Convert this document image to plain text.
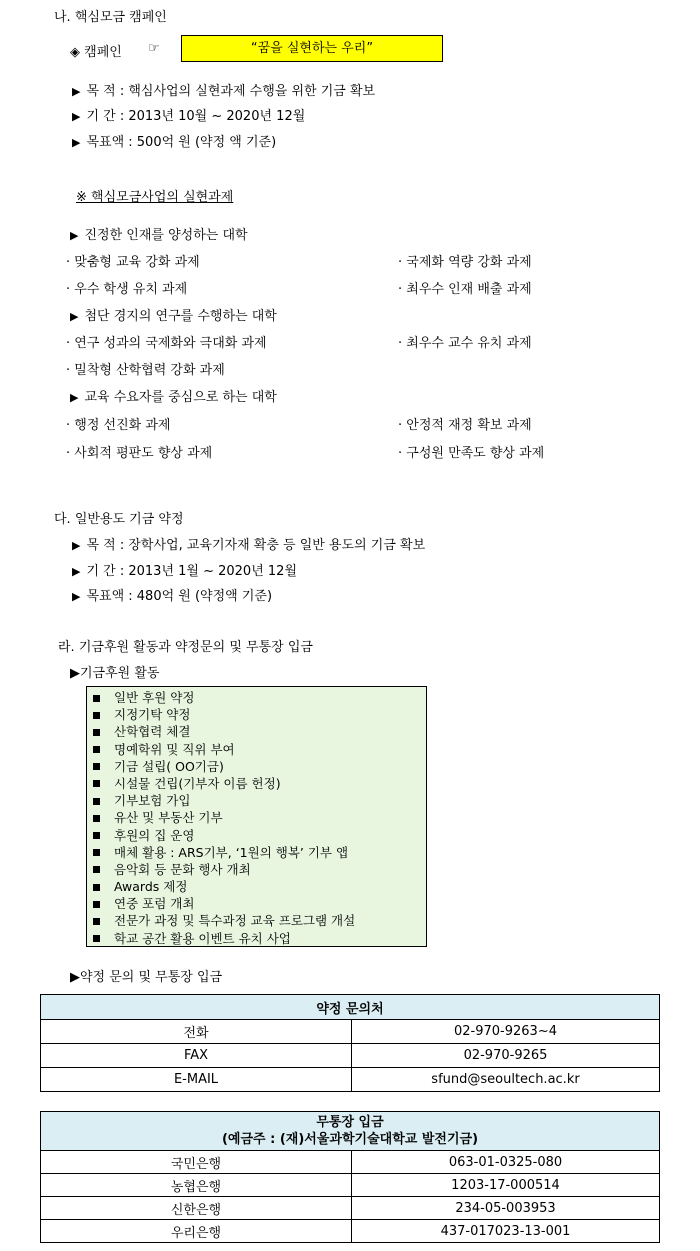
나. 핵심모금 캠페인
◈ 캠페인 ☞	“꿈을 실현하는 우리”
▶ 목 적 : 핵심사업의 실현과제 수행을 위한 기금 확보
▶ 기 간 : 2013년 10월 ~ 2020년 12월
▶ 목표액 : 500억 원 (약정 액 기준)
※ 핵심모금사업의 실현과제
▶ 진정한 인재를 양성하는 대학
· 맞춤형 교육 강화 과제	· 국제화 역량 강화 과제
· 우수 학생 유치 과제	· 최우수 인재 배출 과제
▶ 첨단 경지의 연구를 수행하는 대학
· 연구 성과의 국제화와 극대화 과제	· 최우수 교수 유치 과제
· 밀착형 산학협력 강화 과제
▶ 교육 수요자를 중심으로 하는 대학
· 행정 선진화 과제	· 안정적 재정 확보 과제
· 사회적 평판도 향상 과제	· 구성원 만족도 향상 과제
다. 일반용도 기금 약정
▶ 목 적 : 장학사업, 교육기자재 확충 등 일반 용도의 기금 확보
▶ 기 간 : 2013년 1월 ~ 2020년 12월
▶ 목표액 : 480억 원 (약정액 기준)
라. 기금후원 활동과 약정문의 및 무통장 입금
▶기금후원 활동
일반 후원 약정
지정기탁 약정
산학협력 체결
명예학위 및 직위 부여
기금 설립( OO기금)
시설물 건립(기부자 이름 헌정)
기부보험 가입
유산 및 부동산 기부
후원의 집 운영
매체 활용 : ARS기부, ‘1원의 행복’ 기부 앱
음악회 등 문화 행사 개최
Awards 제정
연중 포럼 개최
전문가 과정 및 특수과정 교육 프로그램 개설
학교 공간 활용 이벤트 유치 사업
▶약정 문의 및 무통장 입금
약정 문의처	
전화	02-970-9263~4
FAX	02-970-9265
E-MAIL	sfund@seoultech.ac.kr
무통장 입금
(예금주 : (재)서울과학기술대학교 발전기금)	

국민은행	063-01-0325-080
농협은행	1203-17-000514
신한은행	234-05-003953
우리은행	437-017023-13-001
